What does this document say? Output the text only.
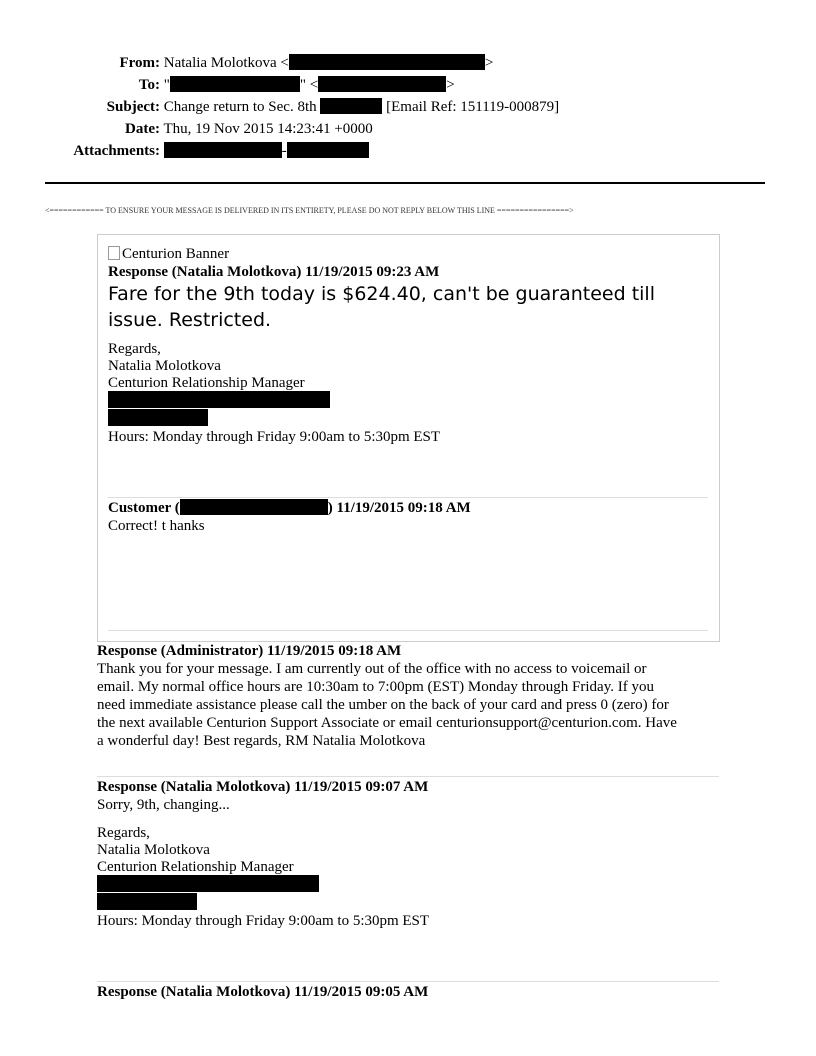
From: Natalia Molotkova <	>
To: "	" <	>
Subject: Change return to Sec. 8th	[Email Ref: 151119-000879]
Date: Thu, 19 Nov 2015 14:23:41 +0000
Attachments:	-
<============ TO ENSURE YOUR MESSAGE IS DELIVERED IN ITS ENTIRETY, PLEASE DO NOT REPLY BELOW THIS LINE ================>
Centurion Banner
Response (Natalia Molotkova) 11/19/2015 09:23 AM
Fare for the 9th today is $624.40, can't be guaranteed till
issue. Restricted.
Regards,
Natalia Molotkova
Centurion Relationship Manager
Hours: Monday through Friday 9:00am to 5:30pm EST
Customer (	) 11/19/2015 09:18 AM
Correct! t hanks
Response (Administrator) 11/19/2015 09:18 AM
Thank you for your message. I am currently out of the office with no access to voicemail or
email. My normal office hours are 10:30am to 7:00pm (EST) Monday through Friday. If you
need immediate assistance please call the umber on the back of your card and press 0 (zero) for
the next available Centurion Support Associate or email centurionsupport@centurion.com. Have
a wonderful day! Best regards, RM Natalia Molotkova
Response (Natalia Molotkova) 11/19/2015 09:07 AM
Sorry, 9th, changing...
Regards,
Natalia Molotkova
Centurion Relationship Manager
Hours: Monday through Friday 9:00am to 5:30pm EST
Response (Natalia Molotkova) 11/19/2015 09:05 AM
